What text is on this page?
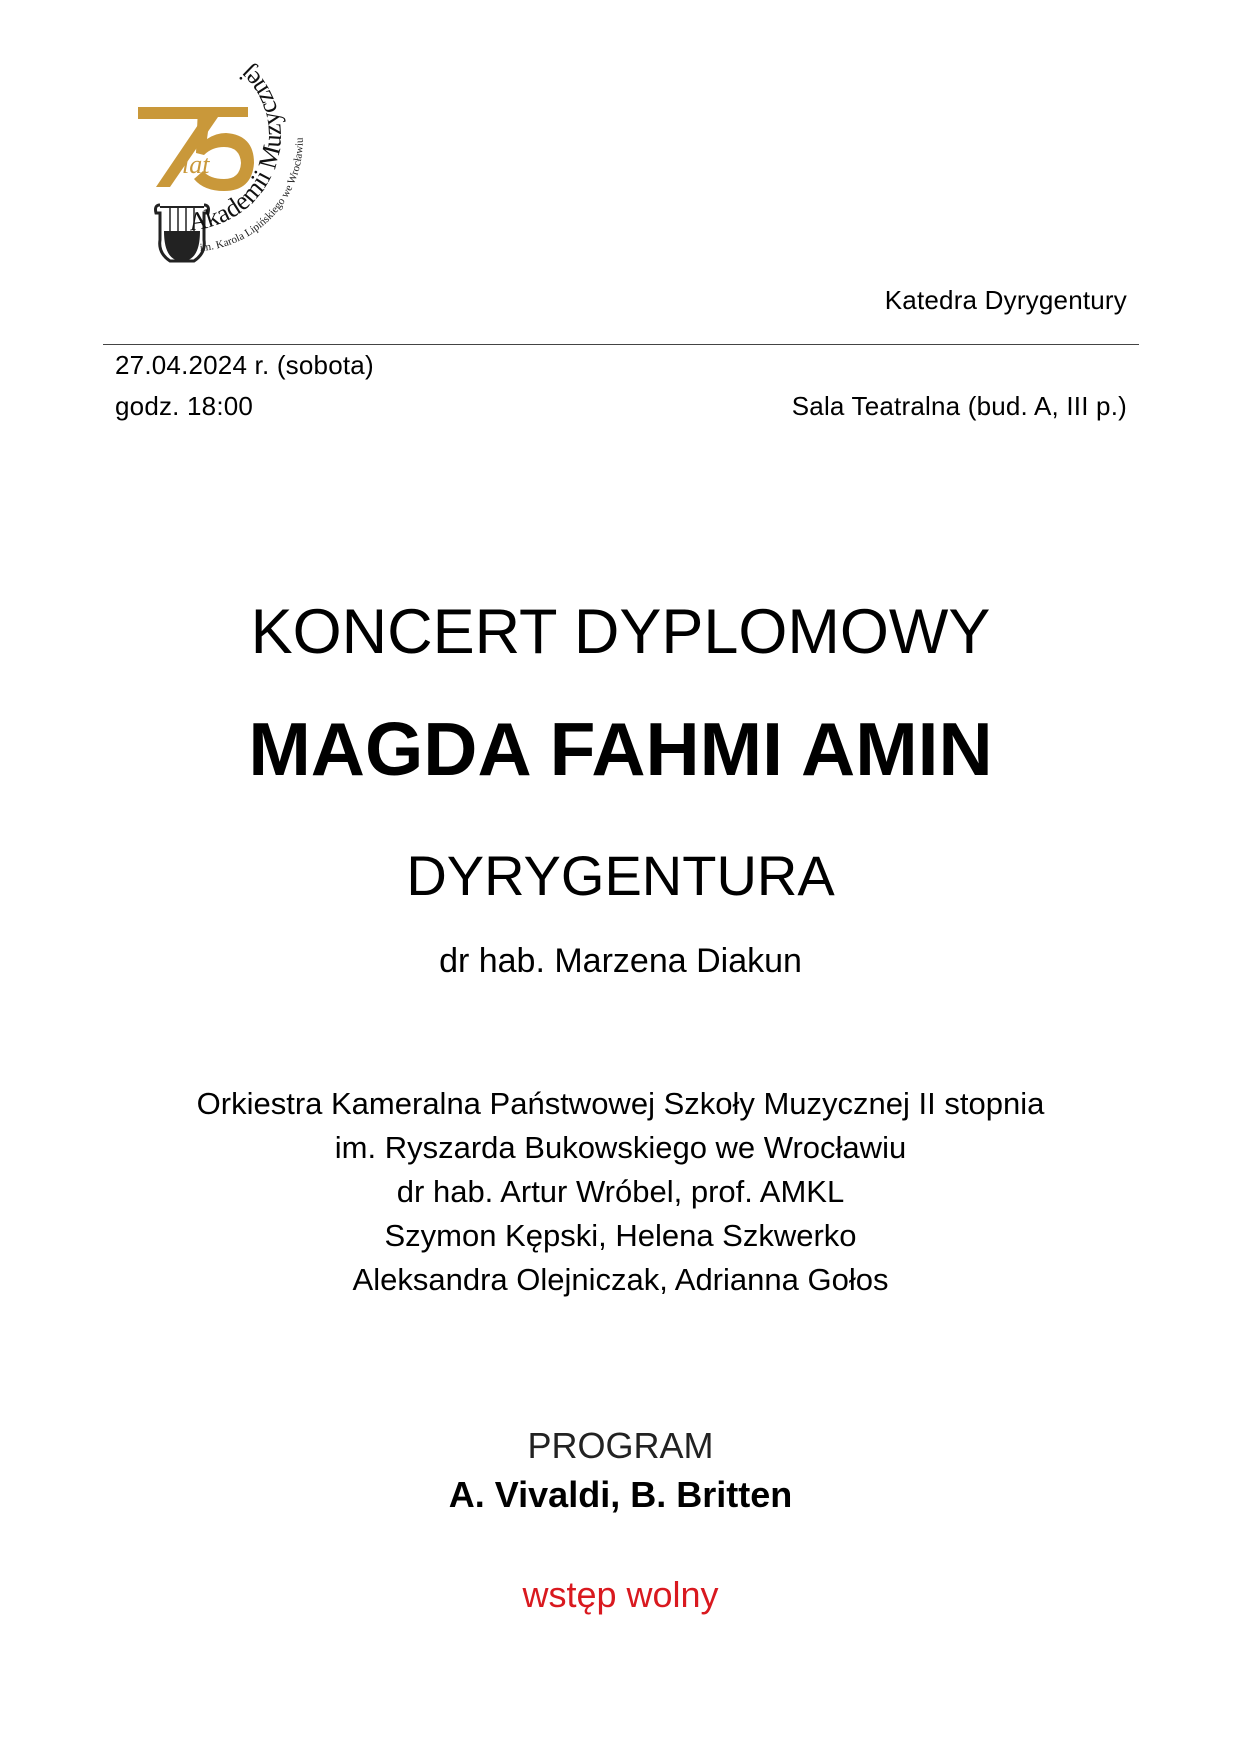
lat
Akademii Muzycznej
im. Karola Lipińskiego we Wrocławiu
Katedra Dyrygentury
27.04.2024 r. (sobota)
godz. 18:00	Sala Teatralna (bud. A, III p.)
KONCERT DYPLOMOWY
MAGDA FAHMI AMIN
DYRYGENTURA
dr hab. Marzena Diakun
Orkiestra Kameralna Państwowej Szkoły Muzycznej II stopnia
im. Ryszarda Bukowskiego we Wrocławiu
dr hab. Artur Wróbel, prof. AMKL
Szymon Kępski, Helena Szkwerko
Aleksandra Olejniczak, Adrianna Gołos
PROGRAM
A. Vivaldi, B. Britten
wstęp wolny
